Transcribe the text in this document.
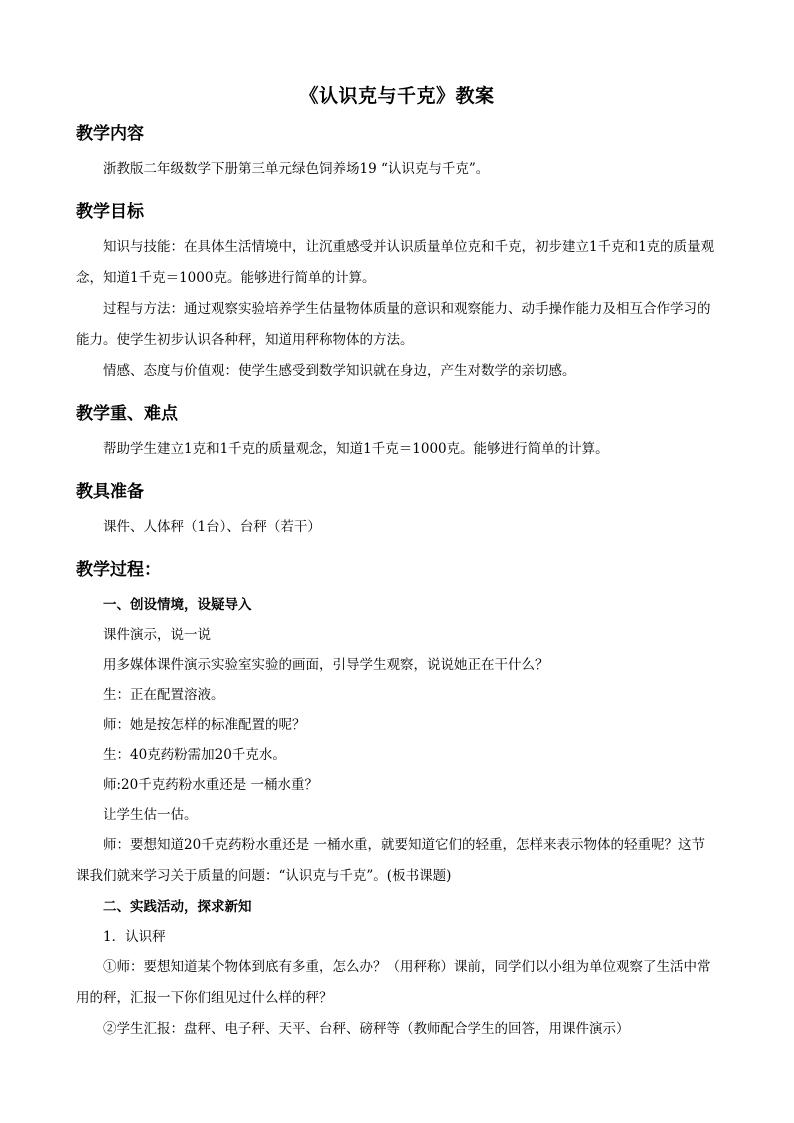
《认识克与千克》教案
教学内容

浙教版二年级数学下册第三单元绿色饲养场19 “认识克与千克”。

教学目标

知识与技能：在具体生活情境中，让沉重感受并认识质量单位克和千克，初步建立1千克和1克的质量观念，知道1千克＝1000克。能够进行简单的计算。

过程与方法：通过观察实验培养学生估量物体质量的意识和观察能力、动手操作能力及相互合作学习的能力。使学生初步认识各种秤，知道用秤称物体的方法。

情感、态度与价值观：使学生感受到数学知识就在身边，产生对数学的亲切感。

教学重、难点

帮助学生建立1克和1千克的质量观念，知道1千克＝1000克。能够进行简单的计算。

教具准备

课件、人体秤（1台）、台秤（若干）

教学过程：

一、创设情境，设疑导入

课件演示，说一说

用多媒体课件演示实验室实验的画面，引导学生观察，说说她正在干什么？

生：正在配置溶液。

师：她是按怎样的标准配置的呢？

生：40克药粉需加20千克水。

师:20千克药粉水重还是 一桶水重？

让学生估一估。

师：要想知道20千克药粉水重还是 一桶水重，就要知道它们的轻重，怎样来表示物体的轻重呢？这节课我们就来学习关于质量的问题：“认识克与千克”。(板书课题)

二、实践活动，探求新知

1．认识秤

①师：要想知道某个物体到底有多重，怎么办？（用秤称）课前，同学们以小组为单位观察了生活中常用的秤，汇报一下你们组见过什么样的秤？

②学生汇报：盘秤、电子秤、天平、台秤、磅秤等（教师配合学生的回答，用课件演示）
